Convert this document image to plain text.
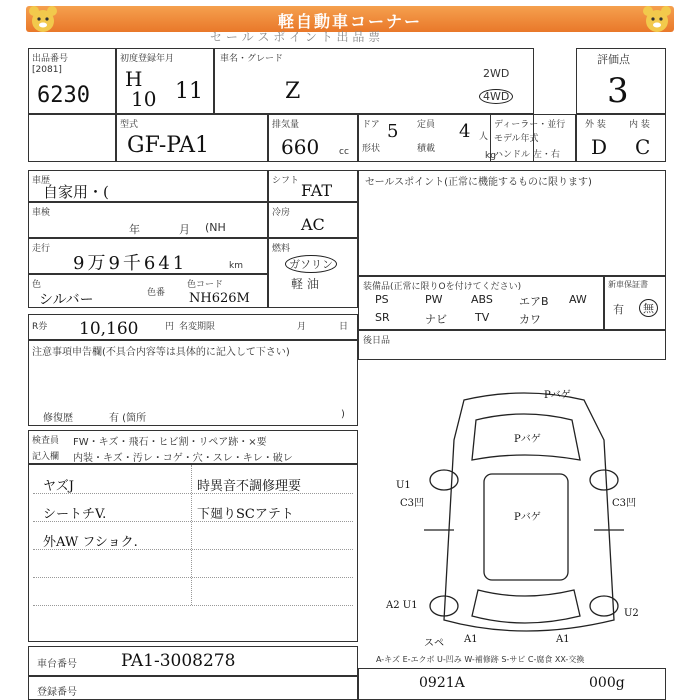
軽自動車コーナー
セ ー ル ス ポ イ ン ト 出 品 票
出品番号
[2081]
6230
初度登録年月
H
10 11
車名・グレード
Z
2WD
4WD
評価点
3
型式
GF-PA1
排気量
660 cc
ドア 5 定員 4 人
形状	積載
kg
ディーラー・並行
モデル年式
ハンドル 左・右
外 装	内 装
D C
車歴
自家用・(
シフト FAT
車検
年	月 (NH
冷房
AC
走行
9万9千641	km
燃料
ガソリン
軽 油
色
シルバー	色番
色コード
NH626M
R券 10,160	円 名変期限	月	日
注意事項申告欄(不具合内容等は具体的に記入して下さい)
修復歴	有 (箇所	)
検査員
記入欄
FW・キズ・飛石・ヒビ割・リペア跡・×要
内装・キズ・汚レ・コゲ・穴・スレ・キレ・破レ
ヤズJ
シートチV.
外AW フショク.
時異音不調修理要
下廻りSCアテト
セールスポイント(正常に機能するものに限ります)
装備品(正常に限りOを付けてください)
PS	PW	ABS エアB AW
SR	ナビ	TV	カワ
新車保証書
有	無
後日品
Pバゲ
Pバゲ
Pバゲ
U1
C3凹	C3凹
A2 U1
U2
A1	A1
スペ
車台番号	PA1-3008278
登録番号
A-キズ E-エクボ U-凹み W-補修跡 S-サビ C-腐食 XX-交換
0921A	000g
